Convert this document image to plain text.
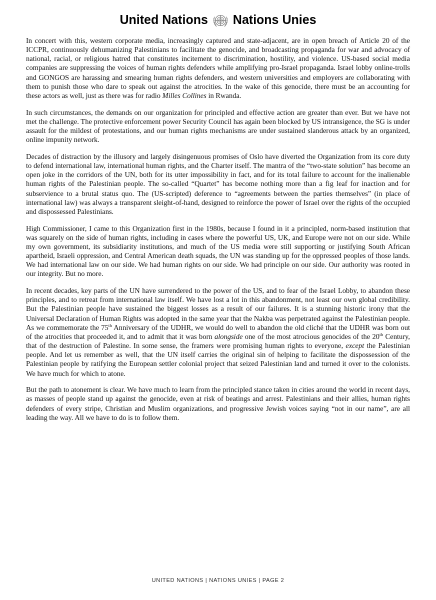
United Nations Nations Unies

In concert with this, western corporate media, increasingly captured and state-adjacent, are in open breach of Article 20 of the ICCPR, continuously dehumanizing Palestinians to facilitate the genocide, and broadcasting propaganda for war and advocacy of national, racial, or religious hatred that constitutes incitement to discrimination, hostility, and violence. US-based social media companies are suppressing the voices of human rights defenders while amplifying pro-Israel propaganda. Israel lobby online-trolls and GONGOS are harassing and smearing human rights defenders, and western universities and employers are collaborating with them to punish those who dare to speak out against the atrocities. In the wake of this genocide, there must be an accounting for these actors as well, just as there was for radio Milles Collines in Rwanda.

In such circumstances, the demands on our organization for principled and effective action are greater than ever. But we have not met the challenge. The protective enforcement power Security Council has again been blocked by US intransigence, the SG is under assault for the mildest of protestations, and our human rights mechanisms are under sustained slanderous attack by an organized, online impunity network.

Decades of distraction by the illusory and largely disingenuous promises of Oslo have diverted the Organization from its core duty to defend international law, international human rights, and the Charter itself. The mantra of the “two-state solution” has become an open joke in the corridors of the UN, both for its utter impossibility in fact, and for its total failure to account for the inalienable human rights of the Palestinian people. The so-called “Quartet” has become nothing more than a fig leaf for inaction and for subservience to a brutal status quo. The (US-scripted) deference to “agreements between the parties themselves” (in place of international law) was always a transparent sleight-of-hand, designed to reinforce the power of Israel over the rights of the occupied and dispossessed Palestinians.

High Commissioner, I came to this Organization first in the 1980s, because I found in it a principled, norm-based institution that was squarely on the side of human rights, including in cases where the powerful US, UK, and Europe were not on our side. While my own government, its subsidiarity institutions, and much of the US media were still supporting or justifying South African apartheid, Israeli oppression, and Central American death squads, the UN was standing up for the oppressed peoples of those lands. We had international law on our side. We had human rights on our side. We had principle on our side. Our authority was rooted in our integrity. But no more.

In recent decades, key parts of the UN have surrendered to the power of the US, and to fear of the Israel Lobby, to abandon these principles, and to retreat from international law itself. We have lost a lot in this abandonment, not least our own global credibility. But the Palestinian people have sustained the biggest losses as a result of our failures. It is a stunning historic irony that the Universal Declaration of Human Rights was adopted in the same year that the Nakba was perpetrated against the Palestinian people. As we commemorate the 75th Anniversary of the UDHR, we would do well to abandon the old cliché that the UDHR was born out of the atrocities that proceeded it, and to admit that it was born alongside one of the most atrocious genocides of the 20th Century, that of the destruction of Palestine. In some sense, the framers were promising human rights to everyone, except the Palestinian people. And let us remember as well, that the UN itself carries the original sin of helping to facilitate the dispossession of the Palestinian people by ratifying the European settler colonial project that seized Palestinian land and turned it over to the colonists. We have much for which to atone.

But the path to atonement is clear. We have much to learn from the principled stance taken in cities around the world in recent days, as masses of people stand up against the genocide, even at risk of beatings and arrest. Palestinians and their allies, human rights defenders of every stripe, Christian and Muslim organizations, and progressive Jewish voices saying “not in our name”, are all leading the way. All we have to do is to follow them.

UNITED NATIONS | NATIONS UNIES | PAGE 2
